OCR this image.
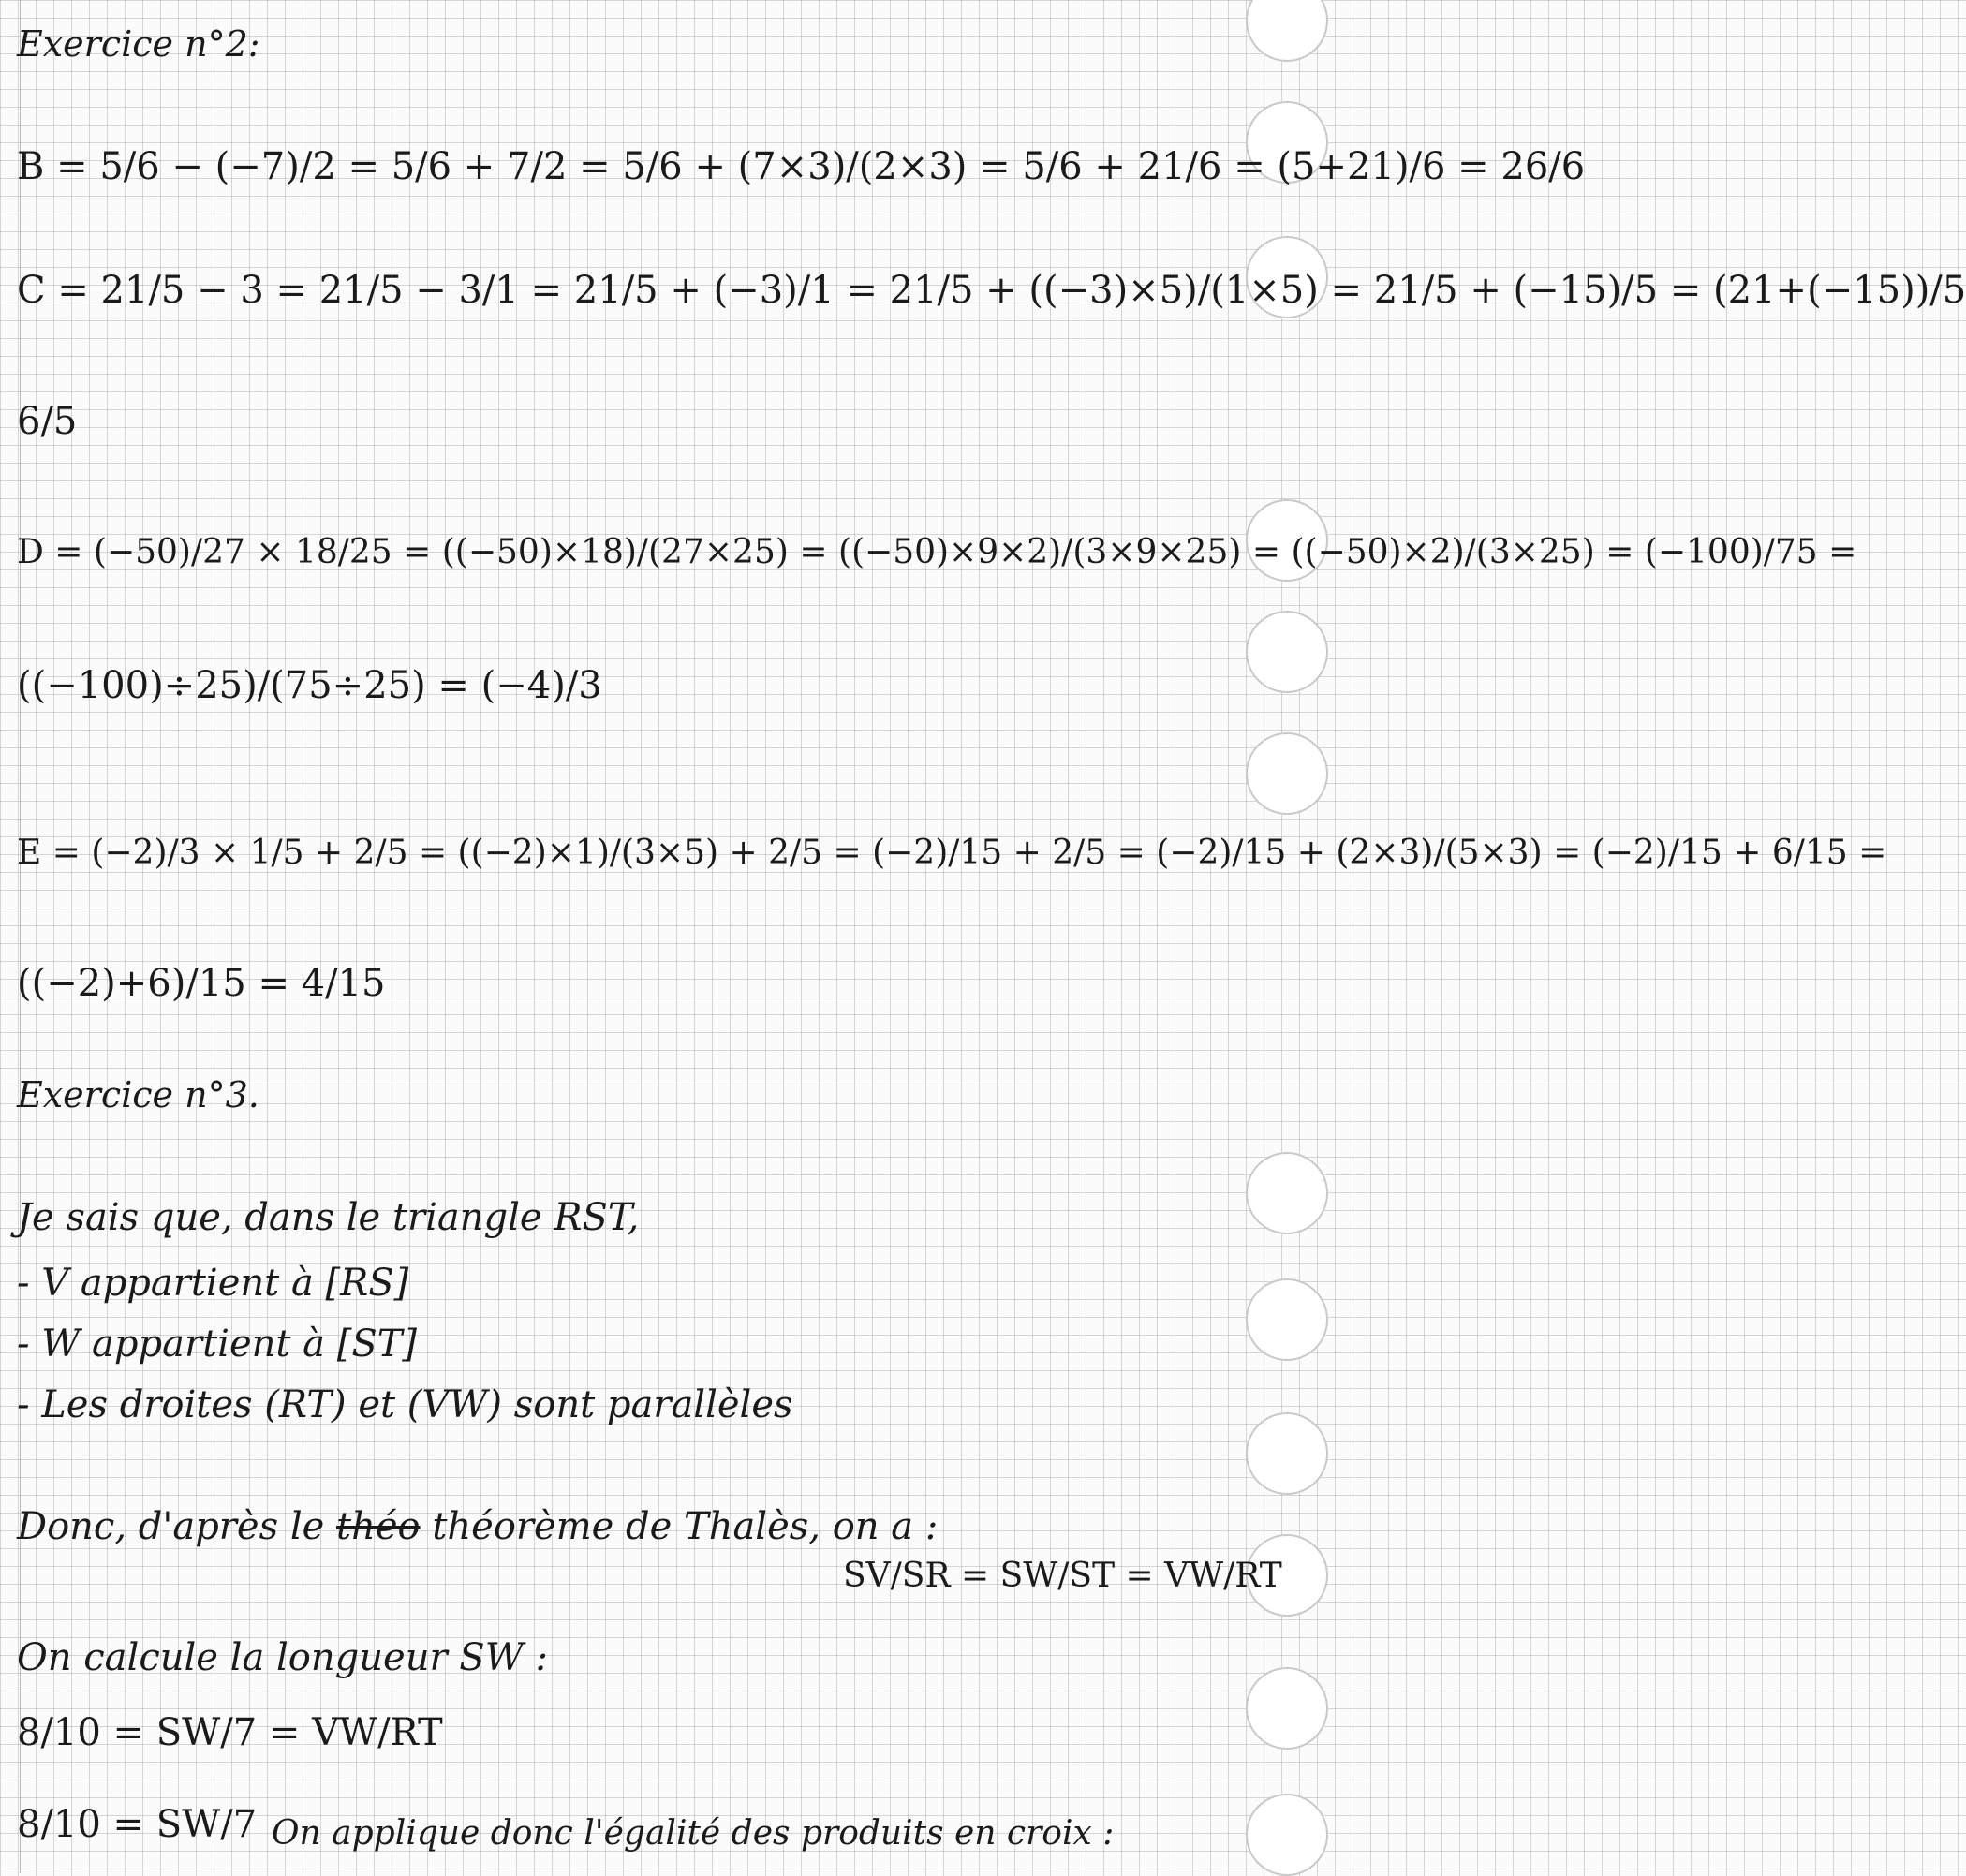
Exercice n°2:
B = 5/6 − (−7)/2 = 5/6 + 7/2 = 5/6 + (7×3)/(2×3) = 5/6 + 21/6 = (5+21)/6 = 26/6
C = 21/5 − 3 = 21/5 − 3/1 = 21/5 + (−3)/1 = 21/5 + ((−3)×5)/(1×5) = 21/5 + (−15)/5 = (21+(−15))/5
6/5
D = (−50)/27 × 18/25 = ((−50)×18)/(27×25) = ((−50)×9×2)/(3×9×25) = ((−50)×2)/(3×25) = (−100)/75 =
((−100)÷25)/(75÷25) = (−4)/3
E = (−2)/3 × 1/5 + 2/5 = ((−2)×1)/(3×5) + 2/5 = (−2)/15 + 2/5 = (−2)/15 + (2×3)/(5×3) = (−2)/15 + 6/15 =
((−2)+6)/15 = 4/15
Exercice n°3.
Je sais que, dans le triangle RST,
- V appartient à [RS]
- W appartient à [ST]
- Les droites (RT) et (VW) sont parallèles
Donc, d'après le théo théorème de Thalès, on a :
SV/SR = SW/ST = VW/RT
On calcule la longueur SW :
8/10 = SW/7 = VW/RT
8/10 = SW/7 On applique donc l'égalité des produits en croix :
